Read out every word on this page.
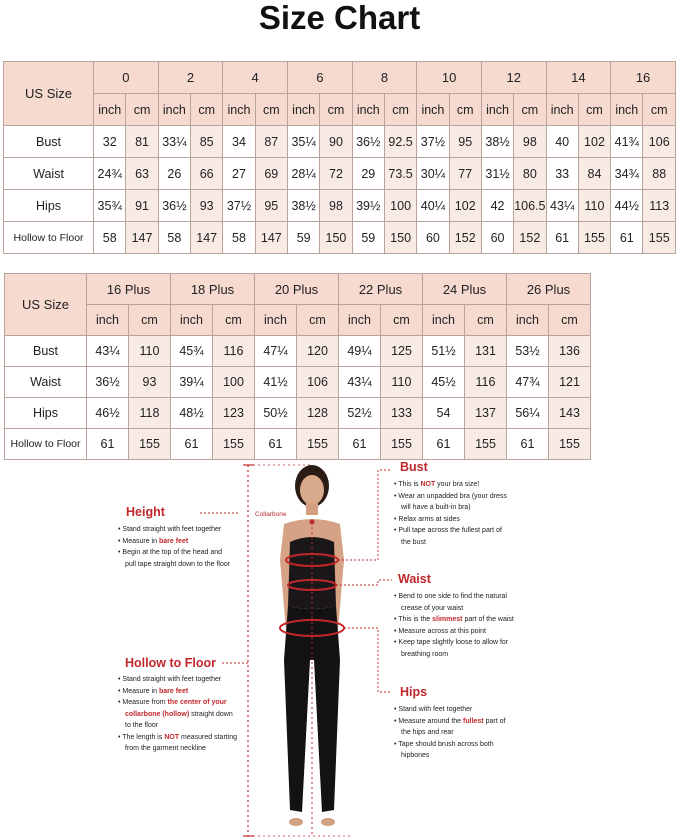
Size Chart
US Size	0		2		4		6		8		10		12		14		16	
	inch	cm	inch	cm	inch	cm	inch	cm	inch	cm	inch	cm	inch	cm	inch	cm	inch	cm
Bust	32	81	33¼	85	34	87	35¼	90	36½	92.5	37½	95	38½	98	40	102	41¾	106
Waist	24¾	63	26	66	27	69	28¼	72	29	73.5	30¼	77	31½	80	33	84	34¾	88
Hips	35¾	91	36½	93	37½	95	38½	98	39½	100	40¼	102	42	106.5	43¼	110	44½	113
Hollow to Floor	58	147	58	147	58	147	59	150	59	150	60	152	60	152	61	155	61	155
US Size	16 Plus		18 Plus		20 Plus		22 Plus		24 Plus		26 Plus	
	inch	cm	inch	cm	inch	cm	inch	cm	inch	cm	inch	cm
Bust	43¼	110	45¾	116	47¼	120	49¼	125	51½	131	53½	136
Waist	36½	93	39¼	100	41½	106	43¼	110	45½	116	47¾	121
Hips	46½	118	48½	123	50½	128	52½	133	54	137	56¼	143
Hollow to Floor	61	155	61	155	61	155	61	155	61	155	61	155
Collarbone
Height
• Stand straight with feet together
• Measure in bare feet
• Begin at the top of the head and
pull tape straight down to the floor
Hollow to Floor
• Stand straight with feet together
• Measure in bare feet
• Measure from the center of your
collarbone (hollow) straight down
to the floor
• The length is NOT measured starting
from the garment neckline
Bust
• This is NOT your bra size!
• Wear an unpadded bra (your dress
will have a built-in bra)
• Relax arms at sides
• Pull tape across the fullest part of
the bust
Waist
• Bend to one side to find the natural
crease of your waist
• This is the slimmest part of the waist
• Measure across at this point
• Keep tape slightly loose to allow for
breathing room
Hips
• Stand with feet together
• Measure around the fullest part of
the hips and rear
• Tape should brush across both
hipbones
